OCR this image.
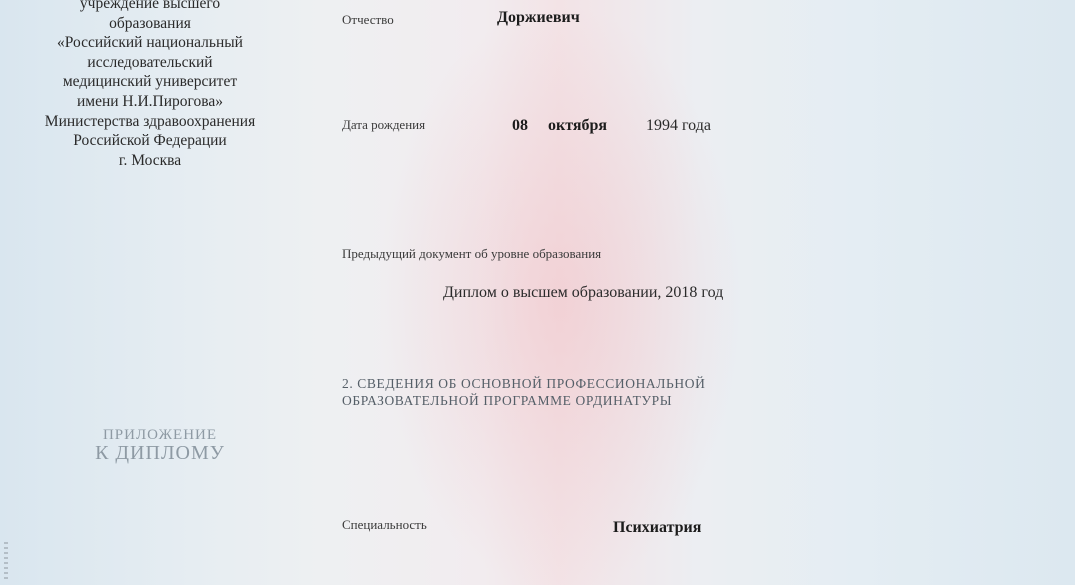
учреждение высшего
образования
«Российский национальный
исследовательский
медицинский университет
имени Н.И.Пирогова»
Министерства здравоохранения
Российской Федерации
г. Москва
ПРИЛОЖЕНИЕ
К ДИПЛОМУ
Отчество	Доржиевич
Дата рождения	08 октября 1994 года
Предыдущий документ об уровне образования
Диплом о высшем образовании, 2018 год
2. СВЕДЕНИЯ ОБ ОСНОВНОЙ ПРОФЕССИОНАЛЬНОЙ
ОБРАЗОВАТЕЛЬНОЙ ПРОГРАММЕ ОРДИНАТУРЫ
Специальность	Психиатрия
